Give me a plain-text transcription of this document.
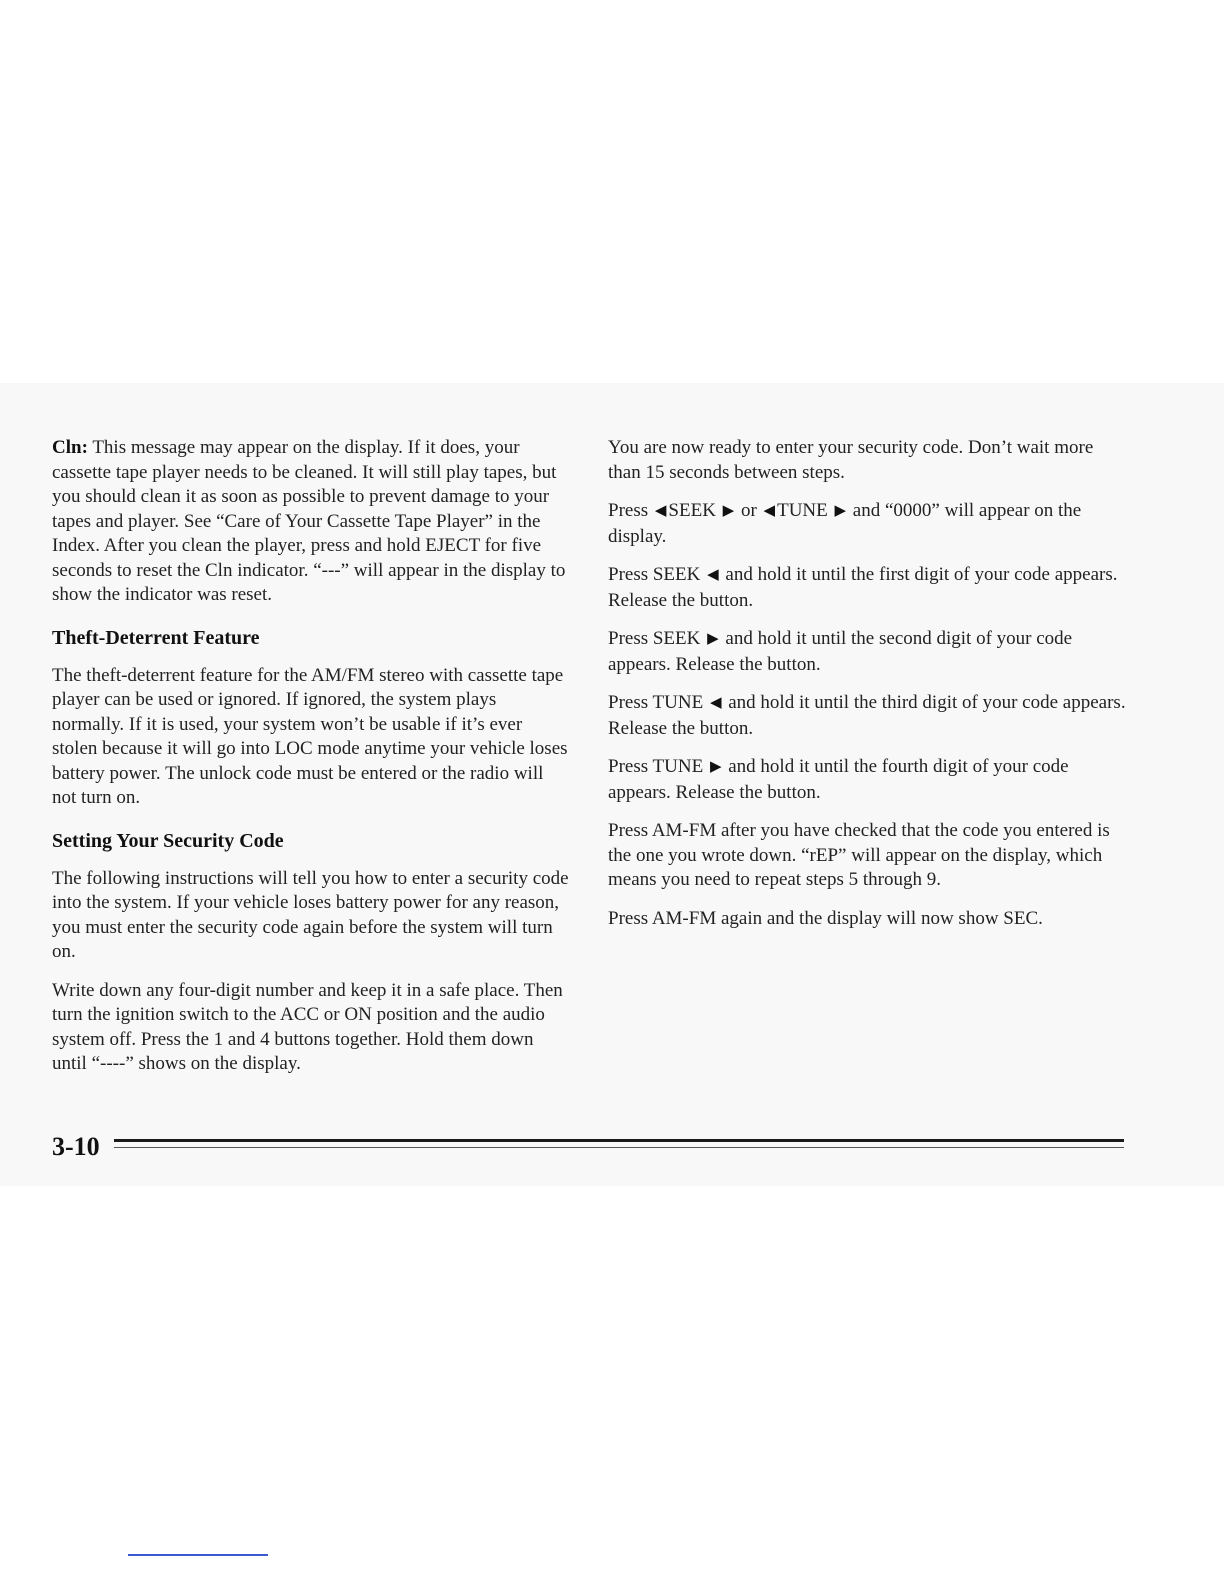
Cln: This message may appear on the display. If it does, your cassette tape player needs to be cleaned. It will still play tapes, but you should clean it as soon as possible to prevent damage to your tapes and player. See “Care of Your Cassette Tape Player” in the Index. After you clean the player, press and hold EJECT for five seconds to reset the Cln indicator. “---” will appear in the display to show the indicator was reset.

Theft-Deterrent Feature

The theft-deterrent feature for the AM/FM stereo with cassette tape player can be used or ignored. If ignored, the system plays normally. If it is used, your system won’t be usable if it’s ever stolen because it will go into LOC mode anytime your vehicle loses battery power. The unlock code must be entered or the radio will not turn on.

Setting Your Security Code

The following instructions will tell you how to enter a security code into the system. If your vehicle loses battery power for any reason, you must enter the security code again before the system will turn on.

Write down any four-digit number and keep it in a safe place. Then turn the ignition switch to the ACC or ON position and the audio system off. Press the 1 and 4 buttons together. Hold them down until “----” shows on the display.

You are now ready to enter your security code. Don’t wait more than 15 seconds between steps.

Press ◀ SEEK ▶ or ◀ TUNE ▶ and “0000” will appear on the display.

Press SEEK ◀ and hold it until the first digit of your code appears. Release the button.

Press SEEK ▶ and hold it until the second digit of your code appears. Release the button.

Press TUNE ◀ and hold it until the third digit of your code appears. Release the button.

Press TUNE ▶ and hold it until the fourth digit of your code appears. Release the button.

Press AM-FM after you have checked that the code you entered is the one you wrote down. “rEP” will appear on the display, which means you need to repeat steps 5 through 9.

Press AM-FM again and the display will now show SEC.

3-10
